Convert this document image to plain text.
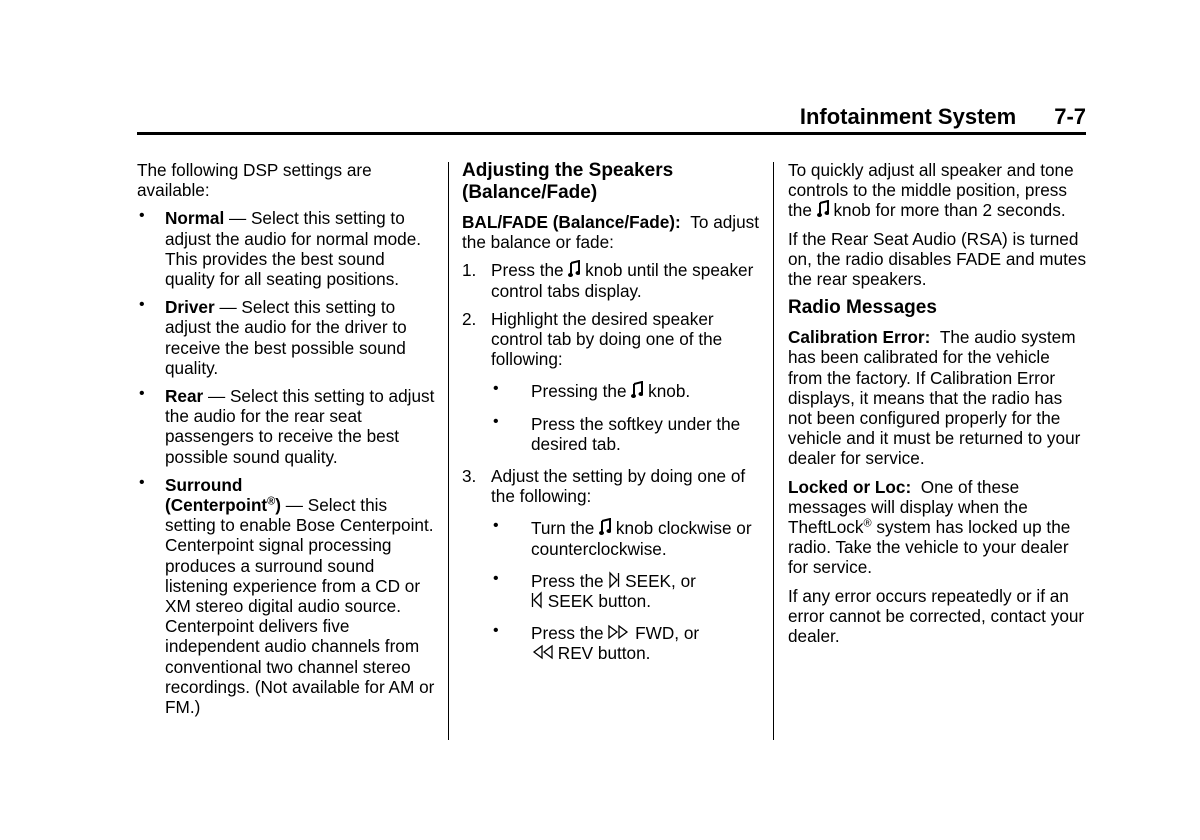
Infotainment System 7-7

The following DSP settings are available:

• Normal — Select this setting to adjust the audio for normal mode. This provides the best sound quality for all seating positions.
• Driver — Select this setting to adjust the audio for the driver to receive the best possible sound quality.
• Rear — Select this setting to adjust the audio for the rear seat passengers to receive the best possible sound quality.
• Surround
(Centerpoint®) — Select this setting to enable Bose Centerpoint. Centerpoint signal processing produces a surround sound listening experience from a CD or XM stereo digital audio source. Centerpoint delivers five independent audio channels from conventional two channel stereo recordings. (Not available for AM or FM.)
Adjusting the Speakers (Balance/Fade)

BAL/FADE (Balance/Fade): To adjust the balance or fade:

1. Press the
knob until the speaker control tabs display.
2. Highlight the desired speaker control tab by doing one of the following:
• Pressing the
knob.
• Press the softkey under the desired tab.
3. Adjust the setting by doing one of the following:
• Turn the
knob clockwise or counterclockwise.
• Press the
SEEK, or

SEEK button.
• Press the
FWD, or

REV button.

To quickly adjust all speaker and tone controls to the middle position, press the
knob for more than 2 seconds.

If the Rear Seat Audio (RSA) is turned on, the radio disables FADE and mutes the rear speakers.

Radio Messages

Calibration Error: The audio system has been calibrated for the vehicle from the factory. If Calibration Error displays, it means that the radio has not been configured properly for the vehicle and it must be returned to your dealer for service.

Locked or Loc: One of these messages will display when the TheftLock® system has locked up the radio. Take the vehicle to your dealer for service.

If any error occurs repeatedly or if an error cannot be corrected, contact your dealer.
